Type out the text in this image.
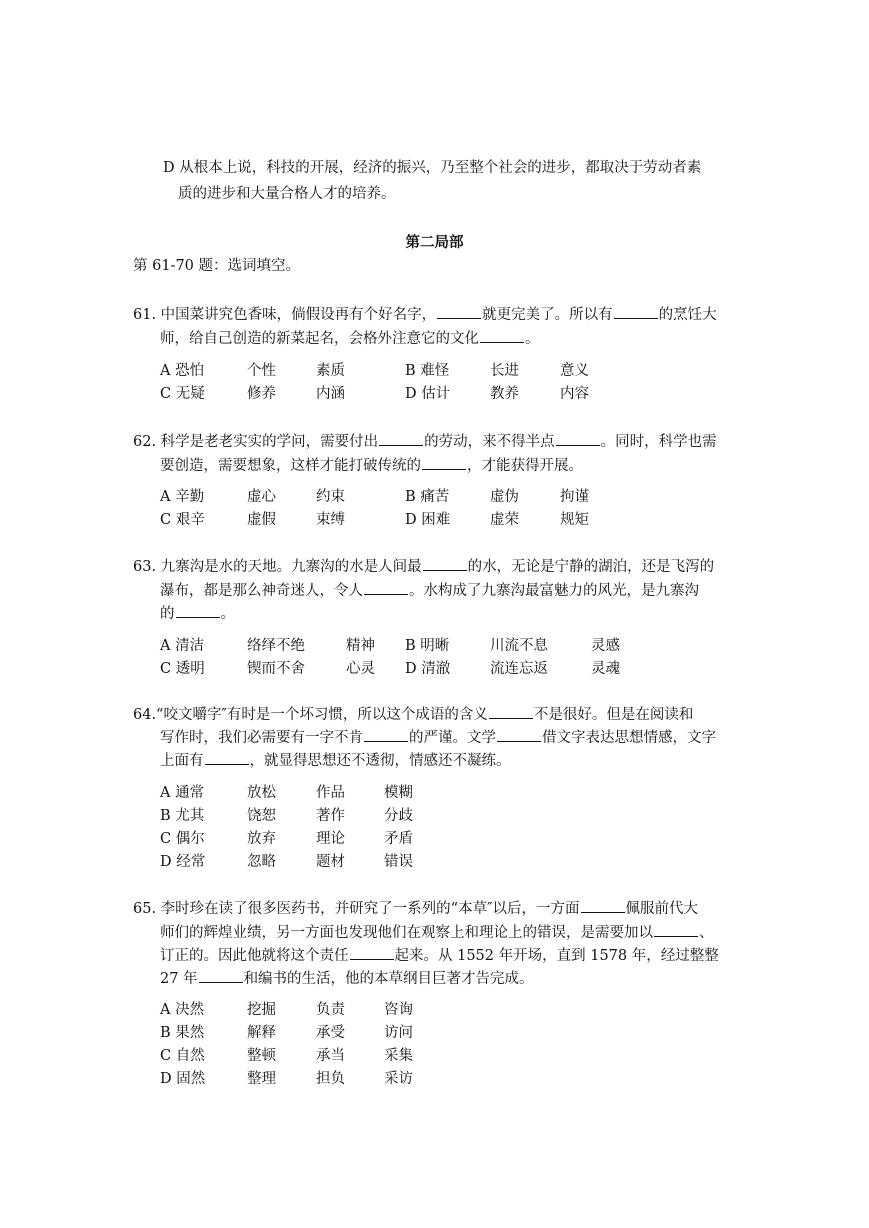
D 从根本上说，科技的开展，经济的振兴，乃至整个社会的进步，都取决于劳动者素
质的进步和大量合格人才的培养。
第二局部
第 61-70 题：选词填空。
61. 中国菜讲究色香味，倘假设再有个好名字，	就更完美了。所以有	的烹饪大
师，给自己创造的新菜起名，会格外注意它的文化	。
A 恐怕	个性	素质	B 难怪	长进	意义
C 无疑	修养	内涵	D 估计	教养	内容
62. 科学是老老实实的学问，需要付出	的劳动，来不得半点	。同时，科学也需
要创造，需要想象，这样才能打破传统的	，才能获得开展。
A 辛勤	虚心	约束	B 痛苦	虚伪	拘谨
C 艰辛	虚假	束缚	D 困难	虚荣	规矩
63. 九寨沟是水的天地。九寨沟的水是人间最	的水，无论是宁静的湖泊，还是飞泻的
瀑布，都是那么神奇迷人，令人	。水构成了九寨沟最富魅力的风光，是九寨沟
的	。
A 清洁	络绎不绝	精神 B 明晰	川流不息	灵感
C 透明	锲而不舍	心灵 D 清澈	流连忘返	灵魂
64.“咬文嚼字″有时是一个坏习惯，所以这个成语的含义	不是很好。但是在阅读和
写作时，我们必需要有一字不肯	的严谨。文学	借文字表达思想情感，文字
上面有	，就显得思想还不透彻，情感还不凝练。
A 通常	放松	作品	模糊
B 尤其	饶恕	著作	分歧
C 偶尔	放弃	理论	矛盾
D 经常	忽略	题材	错误
65. 李时珍在读了很多医药书，并研究了一系列的“本草″以后，一方面	佩服前代大
师们的辉煌业绩，另一方面也发现他们在观察上和理论上的错误，是需要加以	、
订正的。因此他就将这个责任	起来。从 1552 年开场，直到 1578 年，经过整整
27 年	和编书的生活，他的本草纲目巨著才告完成。
A 决然	挖掘	负责	咨询
B 果然	解释	承受	访问
C 自然	整顿	承当	采集
D 固然	整理	担负	采访
